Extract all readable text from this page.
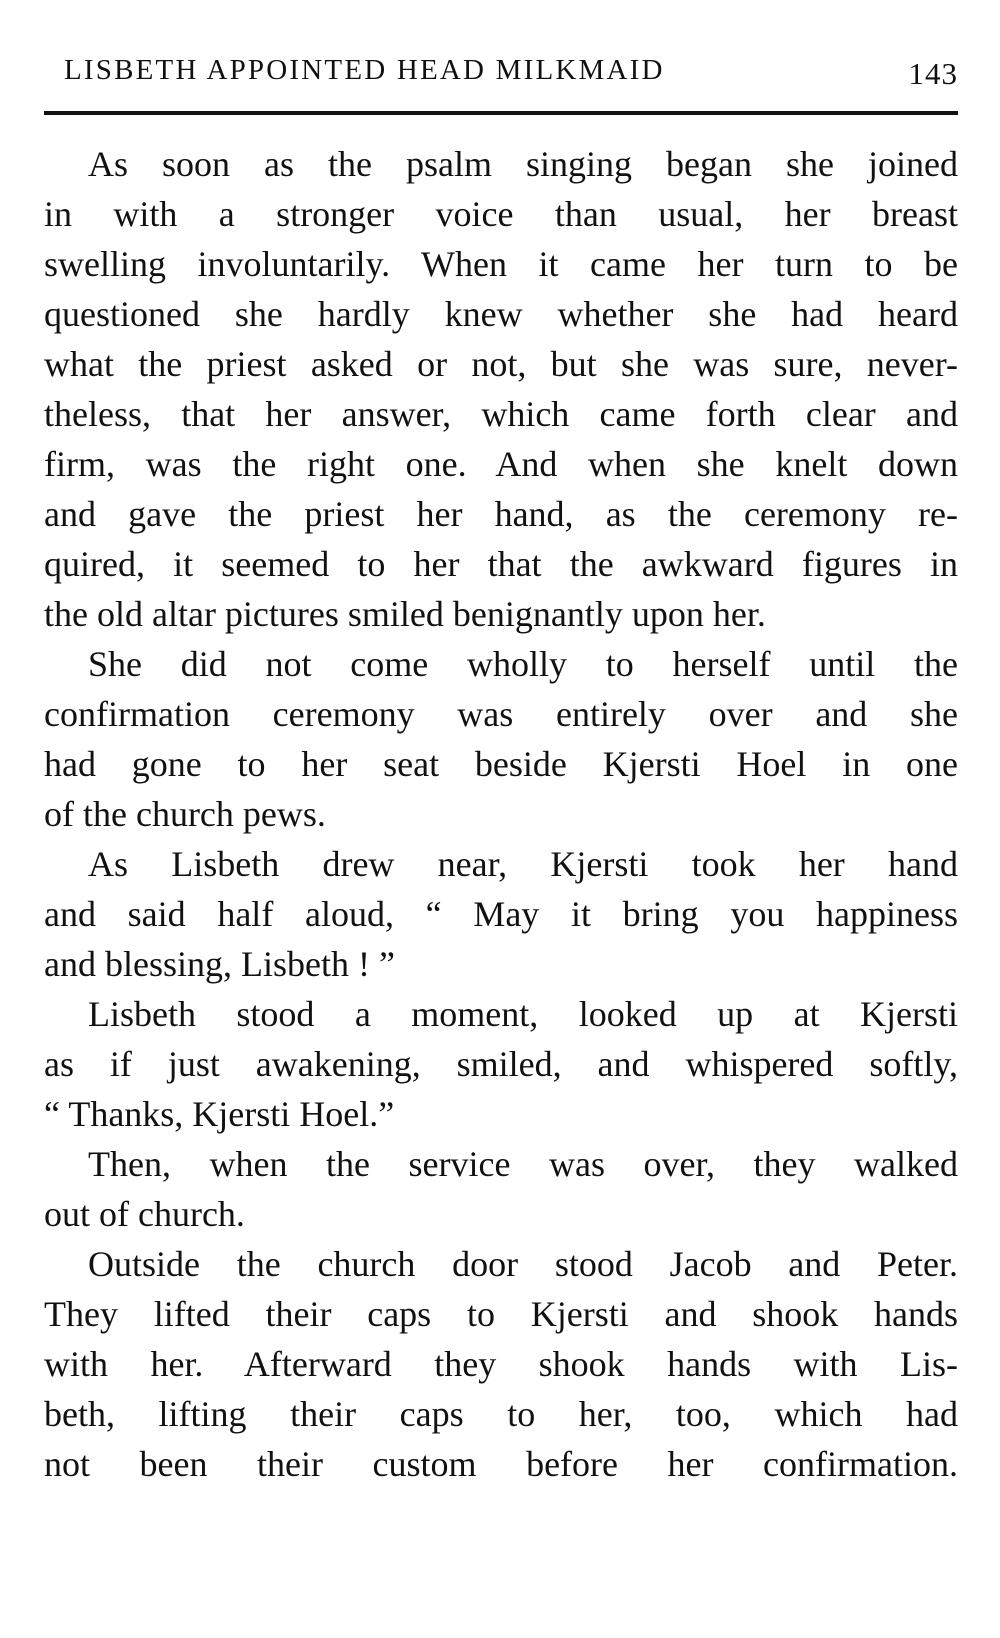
LISBETH APPOINTED HEAD MILKMAID	143
As soon as the psalm singing began she joined
in with a stronger voice than usual, her breast
swelling involuntarily. When it came her turn to be
questioned she hardly knew whether she had heard
what the priest asked or not, but she was sure, never-
theless, that her answer, which came forth clear and
firm, was the right one. And when she knelt down
and gave the priest her hand, as the ceremony re-
quired, it seemed to her that the awkward figures in
the old altar pictures smiled benignantly upon her.
She did not come wholly to herself until the
confirmation ceremony was entirely over and she
had gone to her seat beside Kjersti Hoel in one
of the church pews.
As Lisbeth drew near, Kjersti took her hand
and said half aloud, “ May it bring you happiness
and blessing, Lisbeth ! ”
Lisbeth stood a moment, looked up at Kjersti
as if just awakening, smiled, and whispered softly,
“ Thanks, Kjersti Hoel.”
Then, when the service was over, they walked
out of church.
Outside the church door stood Jacob and Peter.
They lifted their caps to Kjersti and shook hands
with her. Afterward they shook hands with Lis-
beth, lifting their caps to her, too, which had
not been their custom before her confirmation.
